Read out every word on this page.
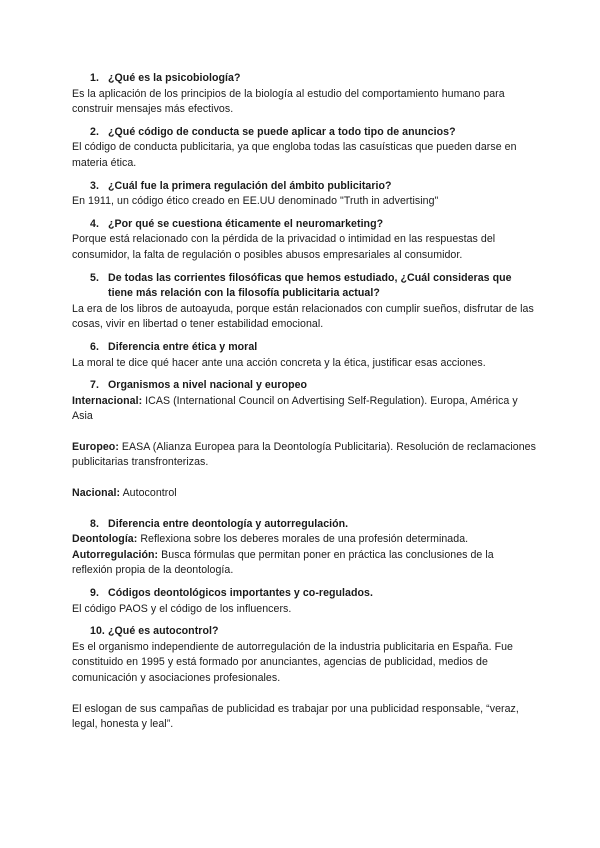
1. ¿Qué es la psicobiología?

Es la aplicación de los principios de la biología al estudio del comportamiento humano para construir mensajes más efectivos.

2. ¿Qué código de conducta se puede aplicar a todo tipo de anuncios?

El código de conducta publicitaria, ya que engloba todas las casuísticas que pueden darse en materia ética.

3. ¿Cuál fue la primera regulación del ámbito publicitario?

En 1911, un código ético creado en EE.UU denominado "Truth in advertising"

4. ¿Por qué se cuestiona éticamente el neuromarketing?

Porque está relacionado con la pérdida de la privacidad o intimidad en las respuestas del consumidor, la falta de regulación o posibles abusos empresariales al consumidor.

5. De todas las corrientes filosóficas que hemos estudiado, ¿Cuál consideras que tiene más relación con la filosofía publicitaria actual?

La era de los libros de autoayuda, porque están relacionados con cumplir sueños, disfrutar de las cosas, vivir en libertad o tener estabilidad emocional.

6. Diferencia entre ética y moral

La moral te dice qué hacer ante una acción concreta y la ética, justificar esas acciones.

7. Organismos a nivel nacional y europeo

Internacional: ICAS (International Council on Advertising Self-Regulation). Europa, América y Asia

Europeo: EASA (Alianza Europea para la Deontología Publicitaria). Resolución de reclamaciones publicitarias transfronterizas.

Nacional: Autocontrol

8. Diferencia entre deontología y autorregulación.

Deontología: Reflexiona sobre los deberes morales de una profesión determinada.

Autorregulación: Busca fórmulas que permitan poner en práctica las conclusiones de la reflexión propia de la deontología.

9. Códigos deontológicos importantes y co-regulados.

El código PAOS y el código de los influencers.

10. ¿Qué es autocontrol?

Es el organismo independiente de autorregulación de la industria publicitaria en España. Fue constituido en 1995 y está formado por anunciantes, agencias de publicidad, medios de comunicación y asociaciones profesionales.

El eslogan de sus campañas de publicidad es trabajar por una publicidad responsable, “veraz, legal, honesta y leal”.
